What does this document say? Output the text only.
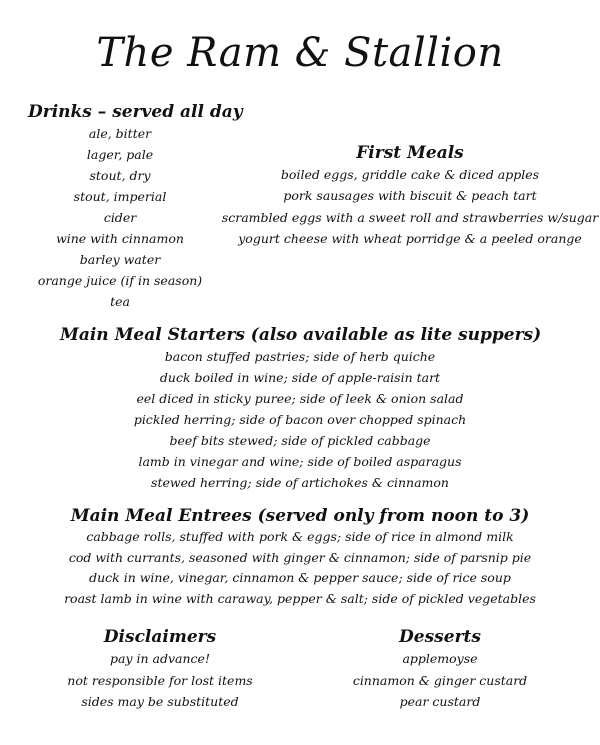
The Ram & Stallion
Drinks – served all day
ale, bitter
lager, pale
stout, dry
stout, imperial
cider
wine with cinnamon
barley water
orange juice (if in season)
tea
First Meals
boiled eggs, griddle cake & diced apples
pork sausages with biscuit & peach tart
scrambled eggs with a sweet roll and strawberries w/sugar
yogurt cheese with wheat porridge & a peeled orange
Main Meal Starters (also available as lite suppers)
bacon stuffed pastries; side of herb quiche
duck boiled in wine; side of apple-raisin tart
eel diced in sticky puree; side of leek & onion salad
pickled herring; side of bacon over chopped spinach
beef bits stewed; side of pickled cabbage
lamb in vinegar and wine; side of boiled asparagus
stewed herring; side of artichokes & cinnamon
Main Meal Entrees (served only from noon to 3)
cabbage rolls, stuffed with pork & eggs; side of rice in almond milk
cod with currants, seasoned with ginger & cinnamon; side of parsnip pie
duck in wine, vinegar, cinnamon & pepper sauce; side of rice soup
roast lamb in wine with caraway, pepper & salt; side of pickled vegetables
Disclaimers
pay in advance!
not responsible for lost items
sides may be substituted
Desserts
applemoyse
cinnamon & ginger custard
pear custard
